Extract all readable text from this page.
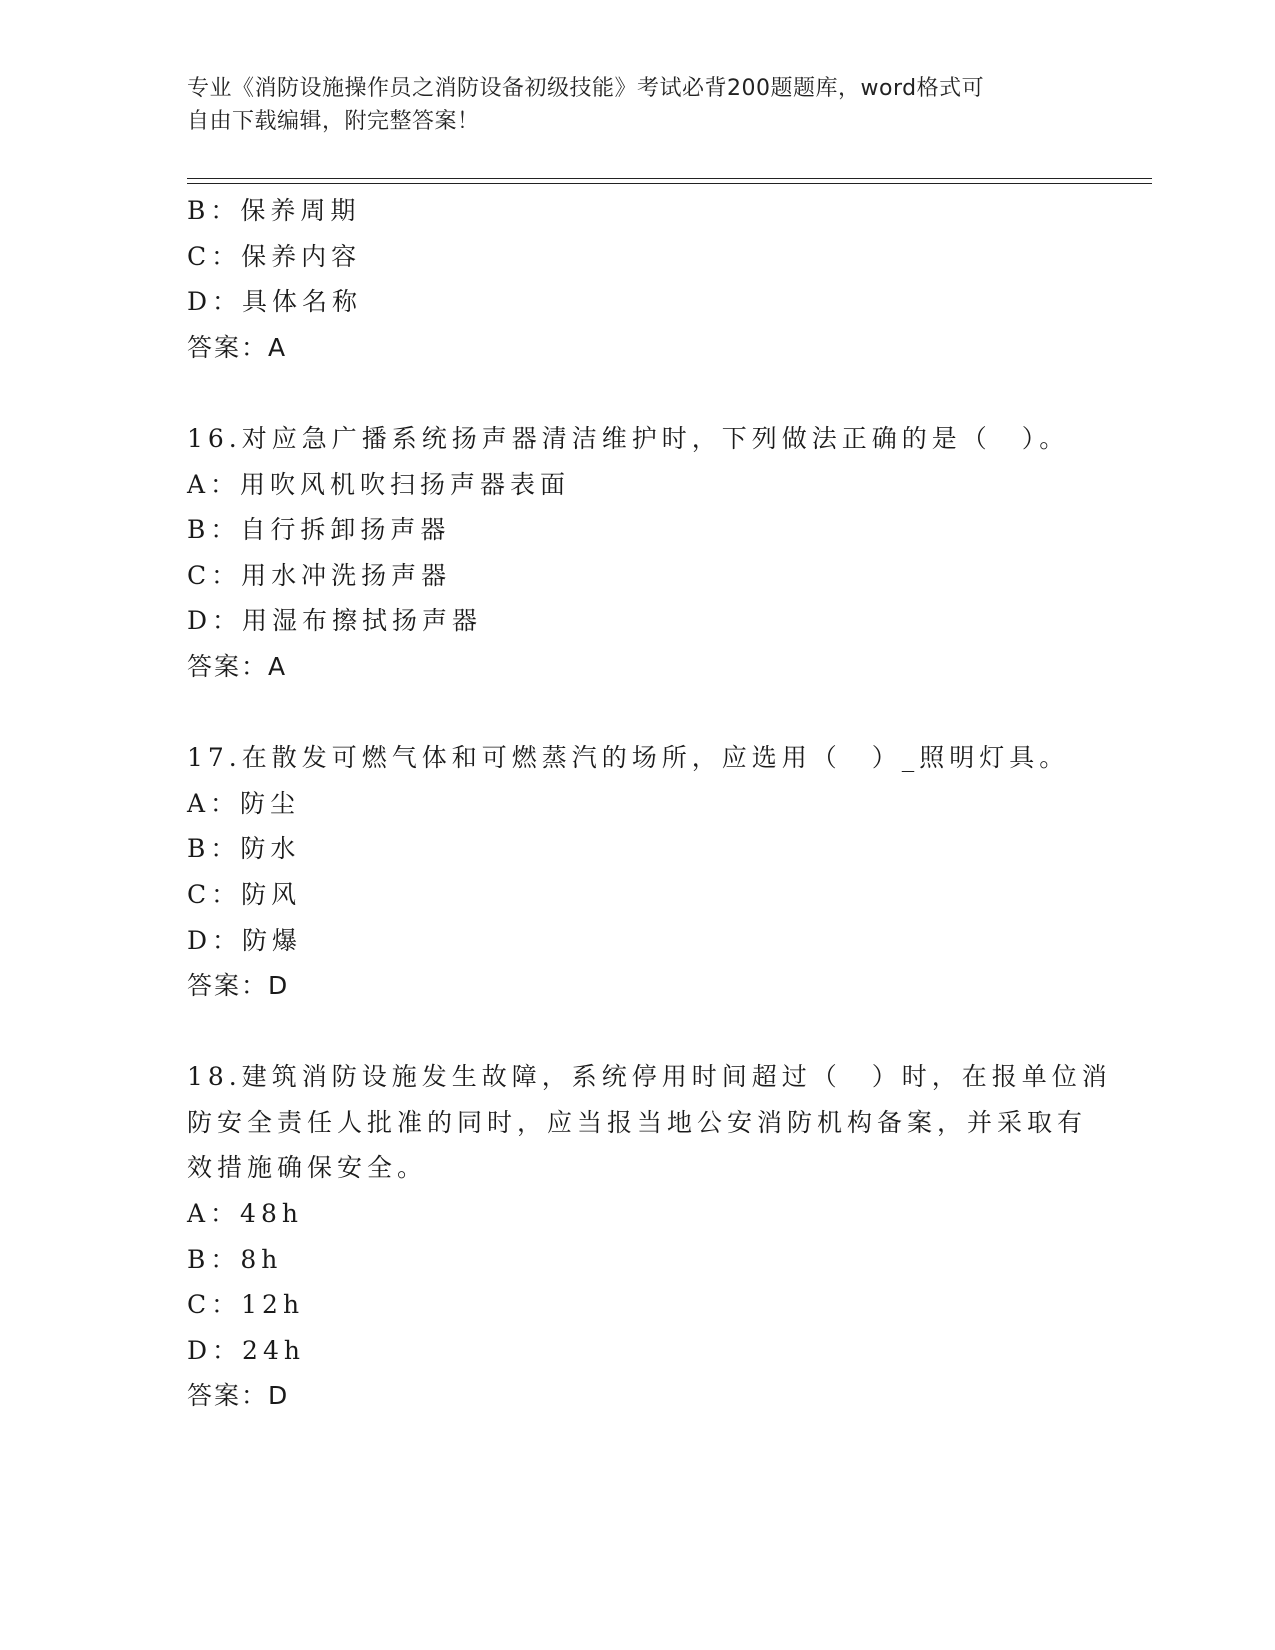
专业《消防设施操作员之消防设备初级技能》考试必背200题题库，word格式可
自由下载编辑，附完整答案！
B：保养周期
C：保养内容
D：具体名称
答案：A
16.对应急广播系统扬声器清洁维护时，下列做法正确的是（　）。
A：用吹风机吹扫扬声器表面
B：自行拆卸扬声器
C：用水冲洗扬声器
D：用湿布擦拭扬声器
答案：A
17.在散发可燃气体和可燃蒸汽的场所，应选用（　）_照明灯具。
A：防尘
B：防水
C：防风
D：防爆
答案：D
18.建筑消防设施发生故障，系统停用时间超过（　）时，在报单位消
防安全责任人批准的同时，应当报当地公安消防机构备案，并采取有
效措施确保安全。
A：48h
B：8h
C：12h
D：24h
答案：D
